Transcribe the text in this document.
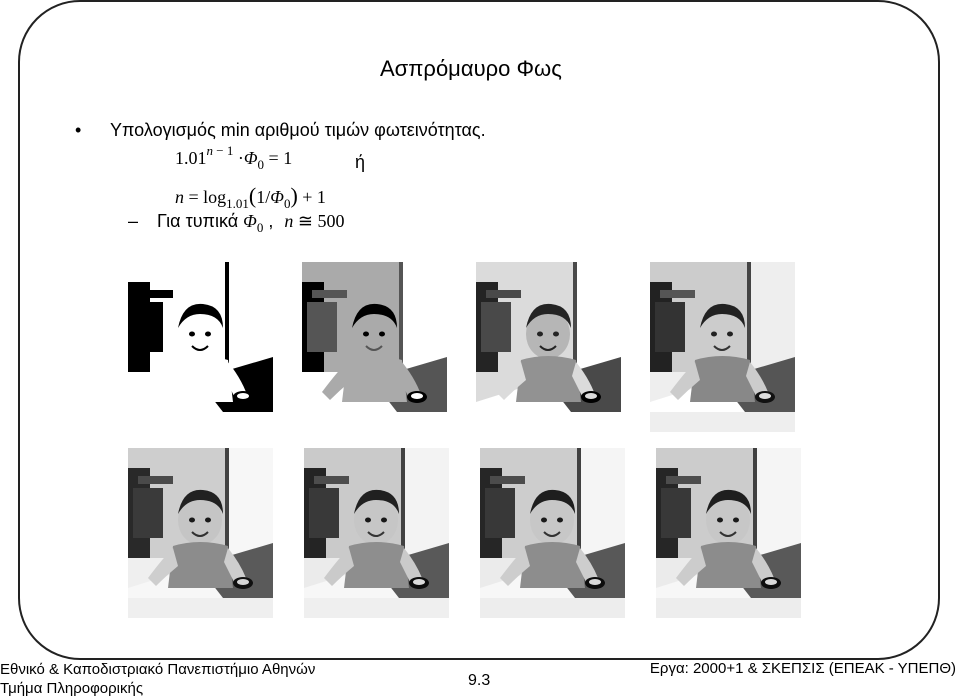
Ασπρόμαυρο Φως
• Υπολογισμός min αριθμού τιμών φωτεινότητας.
$1.01^{n - 1} \cdot\Phi_0 = 1$	ή
$n = \log_{1.01}(1/\Phi_0) + 1$
– Για τυπικά $\Phi_0$ , n ≅ 500
Εθνικό & Καποδιστριακό Πανεπιστήμιο Αθηνών
Τμήμα Πληροφορικής	9.3
Εργα: 2000+1 & ΣΚΕΠΣΙΣ (ΕΠΕΑΚ - ΥΠΕΠΘ)
